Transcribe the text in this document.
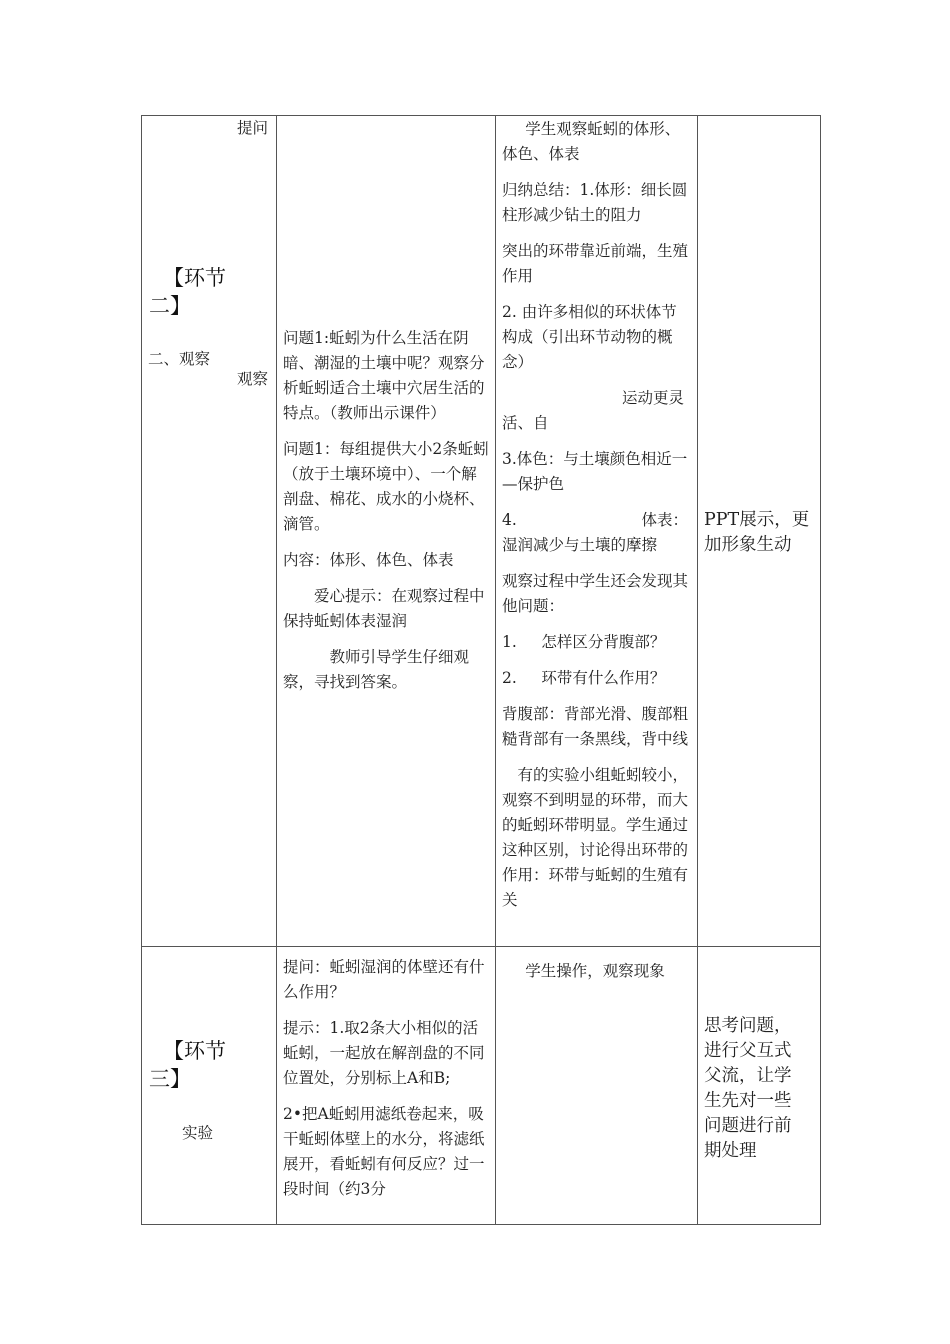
提问
【环节
二】
二、观察
观察

问题1:蚯蚓为什么生活在阴暗、潮湿的土壤中呢？观察分析蚯蚓适合土壤中穴居生活的特点。（教师出示课件）

问题1：每组提供大小2条蚯蚓（放于土壤环境中）、一个解剖盘、棉花、成水的小烧杯、滴管。

内容：体形、体色、体表

爱心提示：在观察过程中保持蚯蚓体表湿润

教师引导学生仔细观察，寻找到答案。

学生观察蚯蚓的体形、体色、体表

归纳总结：1.体形：细长圆柱形减少钻土的阻力

突出的环带靠近前端，生殖作用

2. 由许多相似的环状体节构成（引出环节动物的概念）

运动更灵

活、自

3.体色：与土壤颜色相近一—保护色

4.	体表：

湿润减少与土壤的摩擦

观察过程中学生还会发现其他问题：

1.     怎样区分背腹部？

2.     环带有什么作用？

背腹部：背部光滑、腹部粗糙背部有一条黑线，背中线

有的实验小组蚯蚓较小，观察不到明显的环带，而大的蚯蚓环带明显。学生通过这种区别，讨论得出环带的作用：环带与蚯蚓的生殖有关

PPT展示，更加形象生动
【环节
三】
实验

提问：蚯蚓湿润的体壁还有什么作用？

提示：1.取2条大小相似的活蚯蚓，一起放在解剖盘的不同位置处，分别标上A和B;

2•把A蚯蚓用滤纸卷起来，吸干蚯蚓体壁上的水分，将滤纸展开，看蚯蚓有何反应？过一段时间（约3分

学生操作，观察现象
思考问题，进行父互式父流，让学生先对一些问题进行前期处理
